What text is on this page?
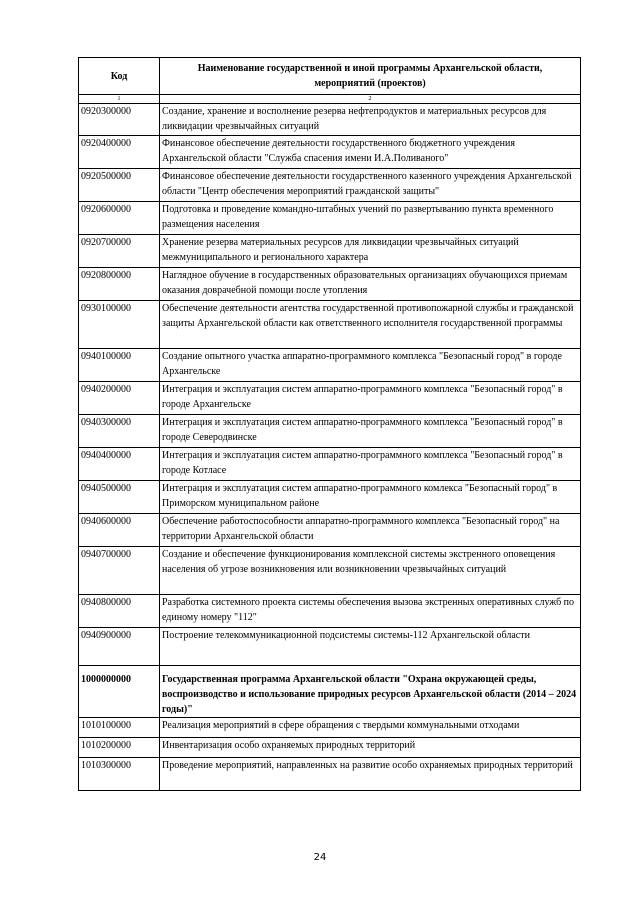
Код	Наименование государственной и иной программы Архангельской области, мероприятий (проектов)
1	2
0920300000	Создание, хранение и восполнение резерва нефтепродуктов и материальных ресурсов для ликвидации чрезвычайных ситуаций
0920400000	Финансовое обеспечение деятельности государственного бюджетного учреждения Архангельской области "Служба спасения имени И.А.Поливаного"
0920500000	Финансовое обеспечение деятельности государственного казенного учреждения Архангельской области "Центр обеспечения мероприятий гражданской защиты"
0920600000	Подготовка и проведение командно-штабных учений по развертыванию пункта временного размещения населения
0920700000	Хранение резерва материальных ресурсов для ликвидации чрезвычайных ситуаций межмуниципального и регионального характера
0920800000	Наглядное обучение в государственных образовательных организациях обучающихся приемам оказания доврачебной помощи после утопления
0930100000	Обеспечение деятельности агентства государственной противопожарной службы и гражданской защиты Архангельской области как ответственного исполнителя государственной программы
0940100000	Создание опытного участка аппаратно-программного комплекса "Безопасный город" в городе Архангельске
0940200000	Интеграция и эксплуатация систем аппаратно-программного комплекса "Безопасный город" в городе Архангельске
0940300000	Интеграция и эксплуатация систем аппаратно-программного комплекса "Безопасный город" в городе Северодвинске
0940400000	Интеграция и эксплуатация систем аппаратно-программного комплекса "Безопасный город" в городе Котласе
0940500000	Интеграция и эксплуатация систем аппаратно-программного комлекса "Безопасный город" в Приморском муниципальном районе
0940600000	Обеспечение работоспособности аппаратно-программного комплекса "Безопасный город" на территории Архангельской области
0940700000	Создание и обеспечение функционирования комплексной системы экстренного оповещения населения об угрозе возникновения или возникновении чрезвычайных ситуаций
0940800000	Разработка системного проекта системы обеспечения вызова экстренных оперативных служб по единому номеру "112"
0940900000	Построение телекоммуникационной подсистемы системы-112 Архангельской области
1000000000	Государственная программа Архангельской области "Охрана окружающей среды, воспроизводство и использование природных ресурсов Архангельской области (2014 – 2024 годы)"
1010100000	Реализация мероприятий в сфере обращения с твердыми коммунальными отходами
1010200000	Инвентаризация особо охраняемых природных территорий
1010300000	Проведение мероприятий, направленных на развитие особо охраняемых природных территорий
24
